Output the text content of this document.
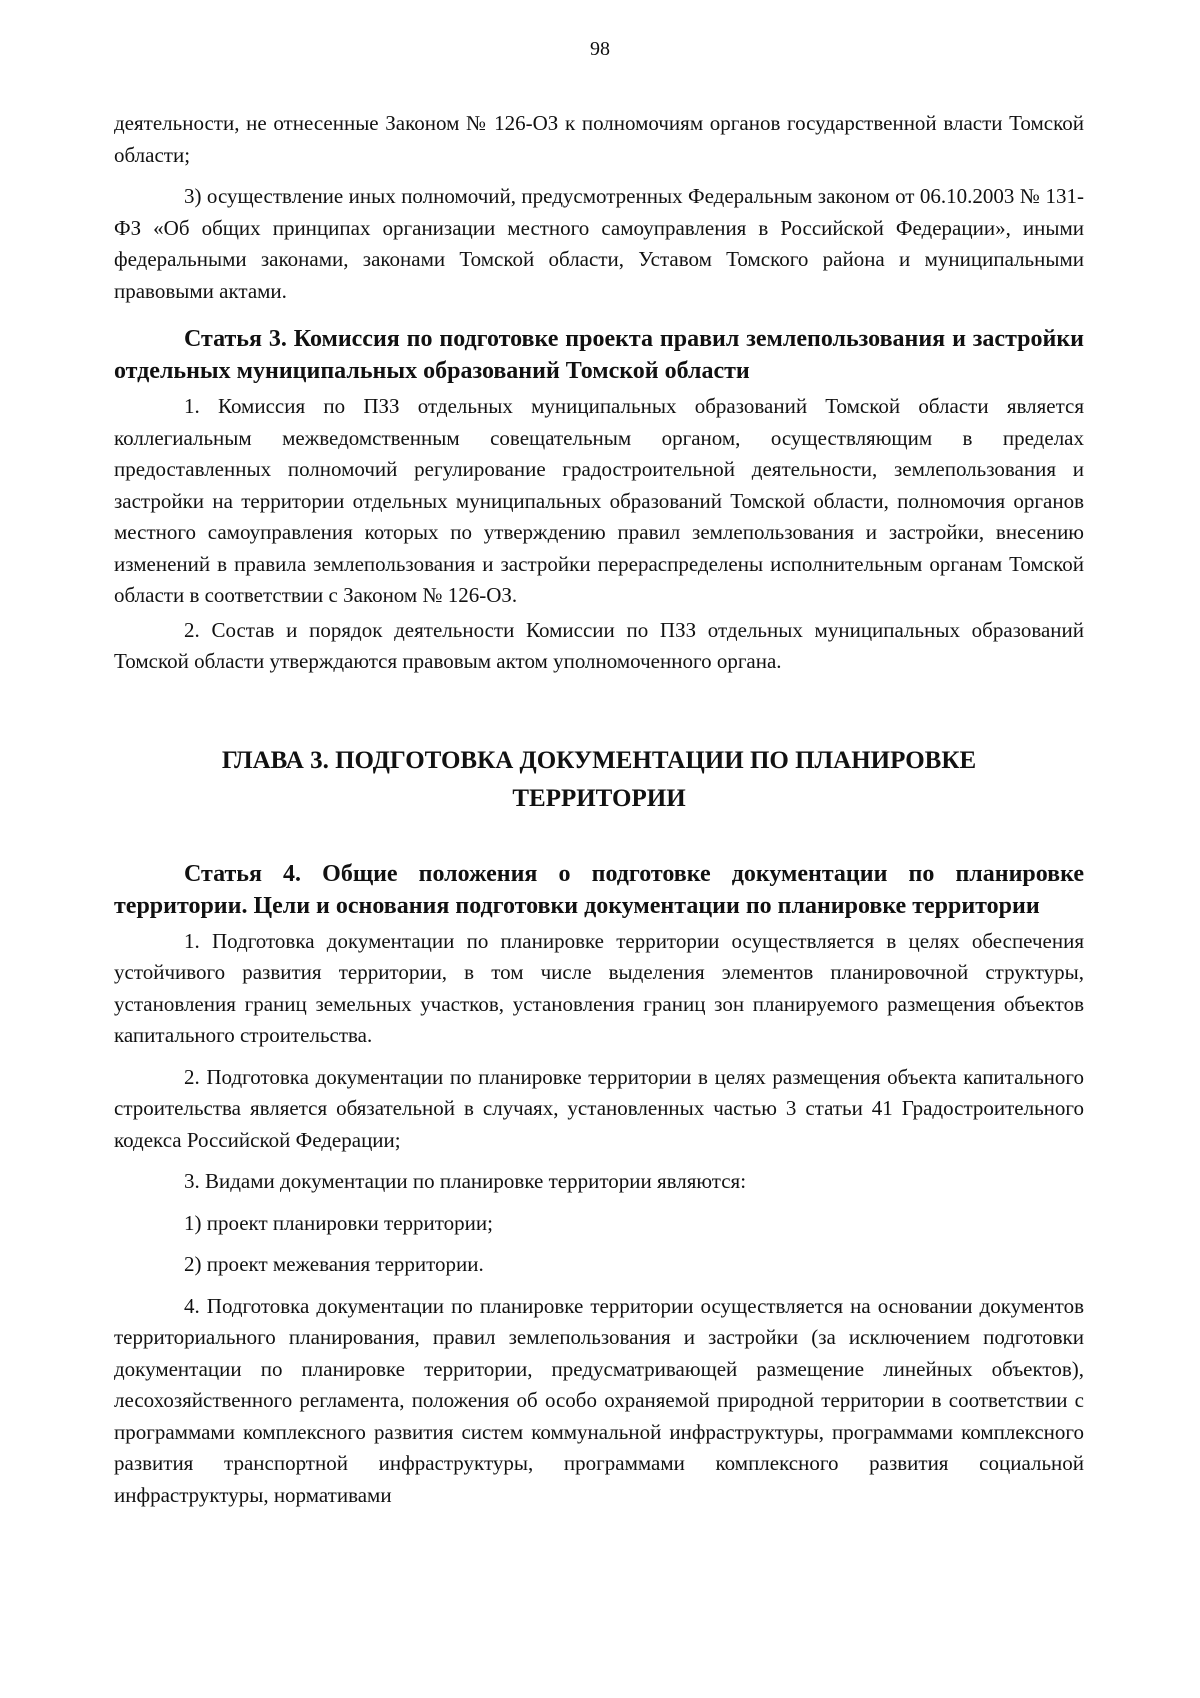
98

деятельности, не отнесенные Законом № 126-ОЗ к полномочиям органов государственной власти Томской области;

3) осуществление иных полномочий, предусмотренных Федеральным законом от 06.10.2003 № 131-ФЗ «Об общих принципах организации местного самоуправления в Российской Федерации», иными федеральными законами, законами Томской области, Уставом Томского района и муниципальными правовыми актами.

Статья 3. Комиссия по подготовке проекта правил землепользования и застройки отдельных муниципальных образований Томской области

1. Комиссия по ПЗЗ отдельных муниципальных образований Томской области является коллегиальным межведомственным совещательным органом, осуществляющим в пределах предоставленных полномочий регулирование градостроительной деятельности, землепользования и застройки на территории отдельных муниципальных образований Томской области, полномочия органов местного самоуправления которых по утверждению правил землепользования и застройки, внесению изменений в правила землепользования и застройки перераспределены исполнительным органам Томской области в соответствии с Законом № 126-ОЗ.

2. Состав и порядок деятельности Комиссии по ПЗЗ отдельных муниципальных образований Томской области утверждаются правовым актом уполномоченного органа.

ГЛАВА 3. ПОДГОТОВКА ДОКУМЕНТАЦИИ ПО ПЛАНИРОВКЕ
ТЕРРИТОРИИ
Статья 4. Общие положения о подготовке документации по планировке территории. Цели и основания подготовки документации по планировке территории

1. Подготовка документации по планировке территории осуществляется в целях обеспечения устойчивого развития территории, в том числе выделения элементов планировочной структуры, установления границ земельных участков, установления границ зон планируемого размещения объектов капитального строительства.

2. Подготовка документации по планировке территории в целях размещения объекта капитального строительства является обязательной в случаях, установленных частью 3 статьи 41 Градостроительного кодекса Российской Федерации;

3. Видами документации по планировке территории являются:

1) проект планировки территории;

2) проект межевания территории.

4. Подготовка документации по планировке территории осуществляется на основании документов территориального планирования, правил землепользования и застройки (за исключением подготовки документации по планировке территории, предусматривающей размещение линейных объектов), лесохозяйственного регламента, положения об особо охраняемой природной территории в соответствии с программами комплексного развития систем коммунальной инфраструктуры, программами комплексного развития транспортной инфраструктуры, программами комплексного развития социальной инфраструктуры, нормативами
